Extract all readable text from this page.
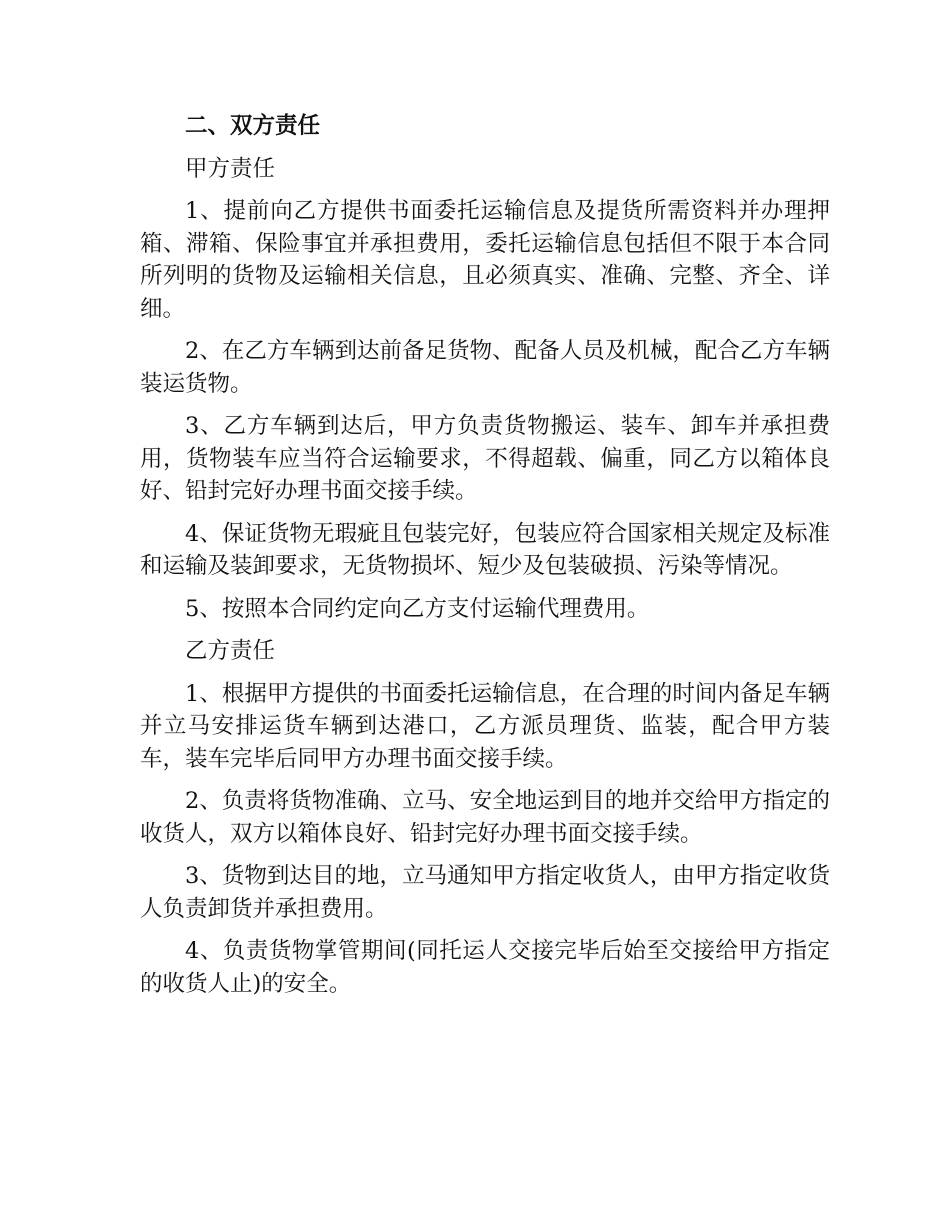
二、双方责任

甲方责任

1、提前向乙方提供书面委托运输信息及提货所需资料并办理押箱、滞箱、保险事宜并承担费用，委托运输信息包括但不限于本合同所列明的货物及运输相关信息，且必须真实、准确、完整、齐全、详细。

2、在乙方车辆到达前备足货物、配备人员及机械，配合乙方车辆装运货物。

3、乙方车辆到达后，甲方负责货物搬运、装车、卸车并承担费用，货物装车应当符合运输要求，不得超载、偏重，同乙方以箱体良好、铅封完好办理书面交接手续。

4、保证货物无瑕疵且包装完好，包装应符合国家相关规定及标准和运输及装卸要求，无货物损坏、短少及包装破损、污染等情况。

5、按照本合同约定向乙方支付运输代理费用。

乙方责任

1、根据甲方提供的书面委托运输信息，在合理的时间内备足车辆并立马安排运货车辆到达港口，乙方派员理货、监装，配合甲方装车，装车完毕后同甲方办理书面交接手续。

2、负责将货物准确、立马、安全地运到目的地并交给甲方指定的收货人，双方以箱体良好、铅封完好办理书面交接手续。

3、货物到达目的地，立马通知甲方指定收货人，由甲方指定收货人负责卸货并承担费用。

4、负责货物掌管期间(同托运人交接完毕后始至交接给甲方指定的收货人止)的安全。
